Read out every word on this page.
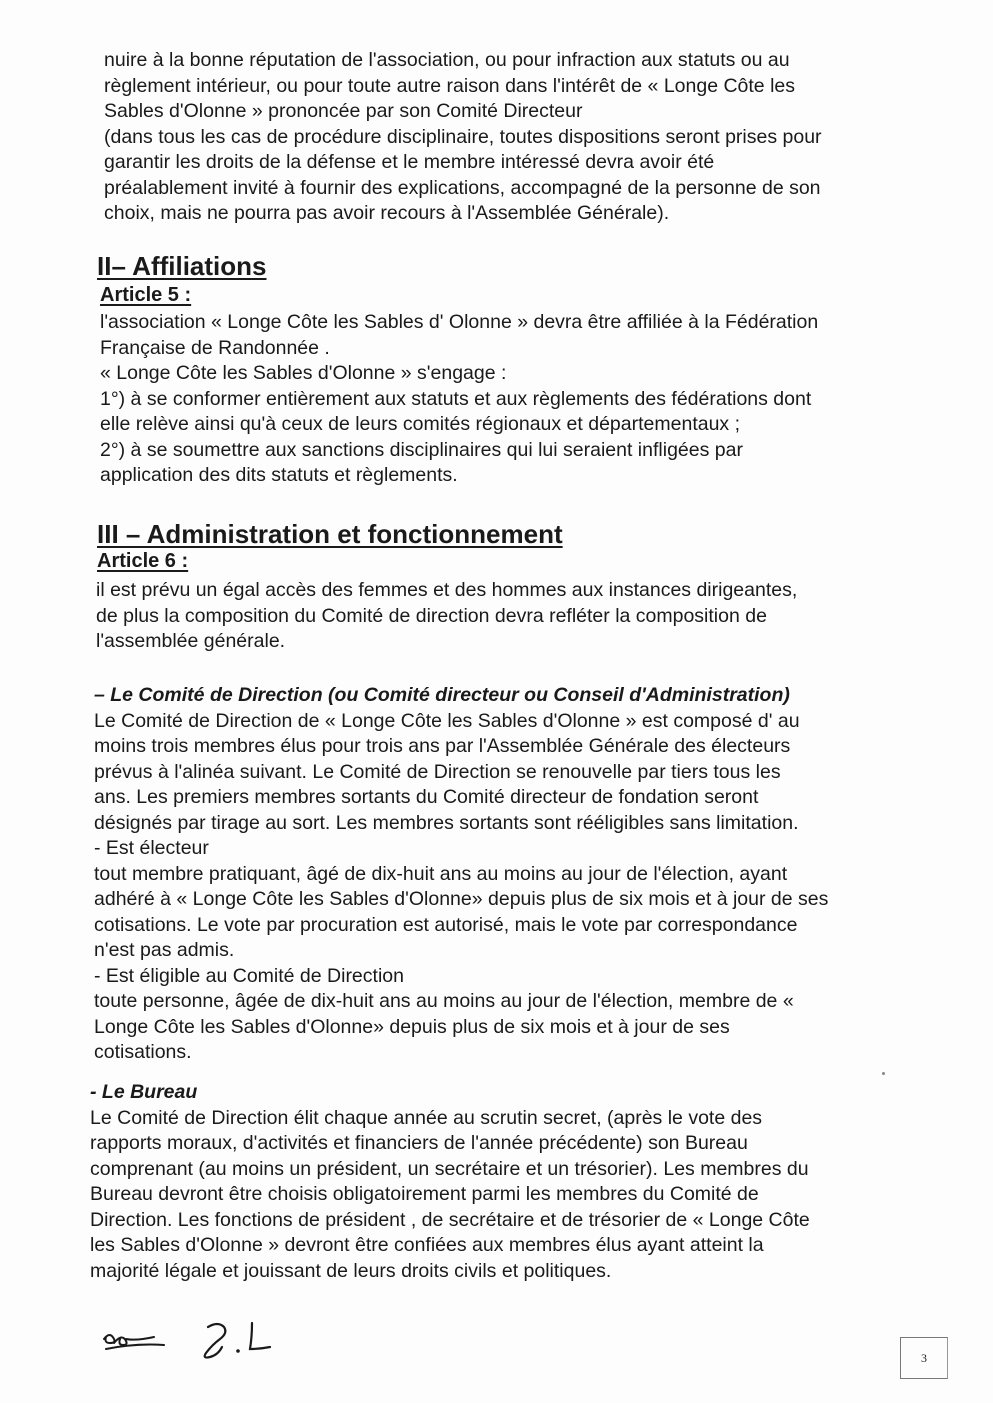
nuire à la bonne réputation de l'association, ou pour infraction aux statuts ou au
règlement intérieur, ou pour toute autre raison dans l'intérêt de « Longe Côte les
Sables d'Olonne » prononcée par son Comité Directeur
(dans tous les cas de procédure disciplinaire, toutes dispositions seront prises pour
garantir les droits de la défense et le membre intéressé devra avoir été
préalablement invité à fournir des explications, accompagné de la personne de son
choix, mais ne pourra pas avoir recours à l'Assemblée Générale).
II– Affiliations
Article 5 :
l'association « Longe Côte les Sables d' Olonne » devra être affiliée à la Fédération
Française de Randonnée .
« Longe Côte les Sables d'Olonne » s'engage :
1°) à se conformer entièrement aux statuts et aux règlements des fédérations dont
elle relève ainsi qu'à ceux de leurs comités régionaux et départementaux ;
2°) à se soumettre aux sanctions disciplinaires qui lui seraient infligées par
application des dits statuts et règlements.
III – Administration et fonctionnement
Article 6 :
il est prévu un égal accès des femmes et des hommes aux instances dirigeantes,
de plus la composition du Comité de direction devra refléter la composition de
l'assemblée générale.
– Le Comité de Direction (ou Comité directeur ou Conseil d'Administration)
Le Comité de Direction de « Longe Côte les Sables d'Olonne » est composé d' au
moins trois membres élus pour trois ans par l'Assemblée Générale des électeurs
prévus à l'alinéa suivant. Le Comité de Direction se renouvelle par tiers tous les
ans. Les premiers membres sortants du Comité directeur de fondation seront
désignés par tirage au sort. Les membres sortants sont rééligibles sans limitation.
- Est électeur
tout membre pratiquant, âgé de dix-huit ans au moins au jour de l'élection, ayant
adhéré à « Longe Côte les Sables d'Olonne» depuis plus de six mois et à jour de ses
cotisations. Le vote par procuration est autorisé, mais le vote par correspondance
n'est pas admis.
- Est éligible au Comité de Direction
toute personne, âgée de dix-huit ans au moins au jour de l'élection, membre de «
Longe Côte les Sables d'Olonne» depuis plus de six mois et à jour de ses
cotisations.
- Le Bureau
Le Comité de Direction élit chaque année au scrutin secret, (après le vote des
rapports moraux, d'activités et financiers de l'année précédente) son Bureau
comprenant (au moins un président, un secrétaire et un trésorier). Les membres du
Bureau devront être choisis obligatoirement parmi les membres du Comité de
Direction. Les fonctions de président , de secrétaire et de trésorier de « Longe Côte
les Sables d'Olonne » devront être confiées aux membres élus ayant atteint la
majorité légale et jouissant de leurs droits civils et politiques.
3
